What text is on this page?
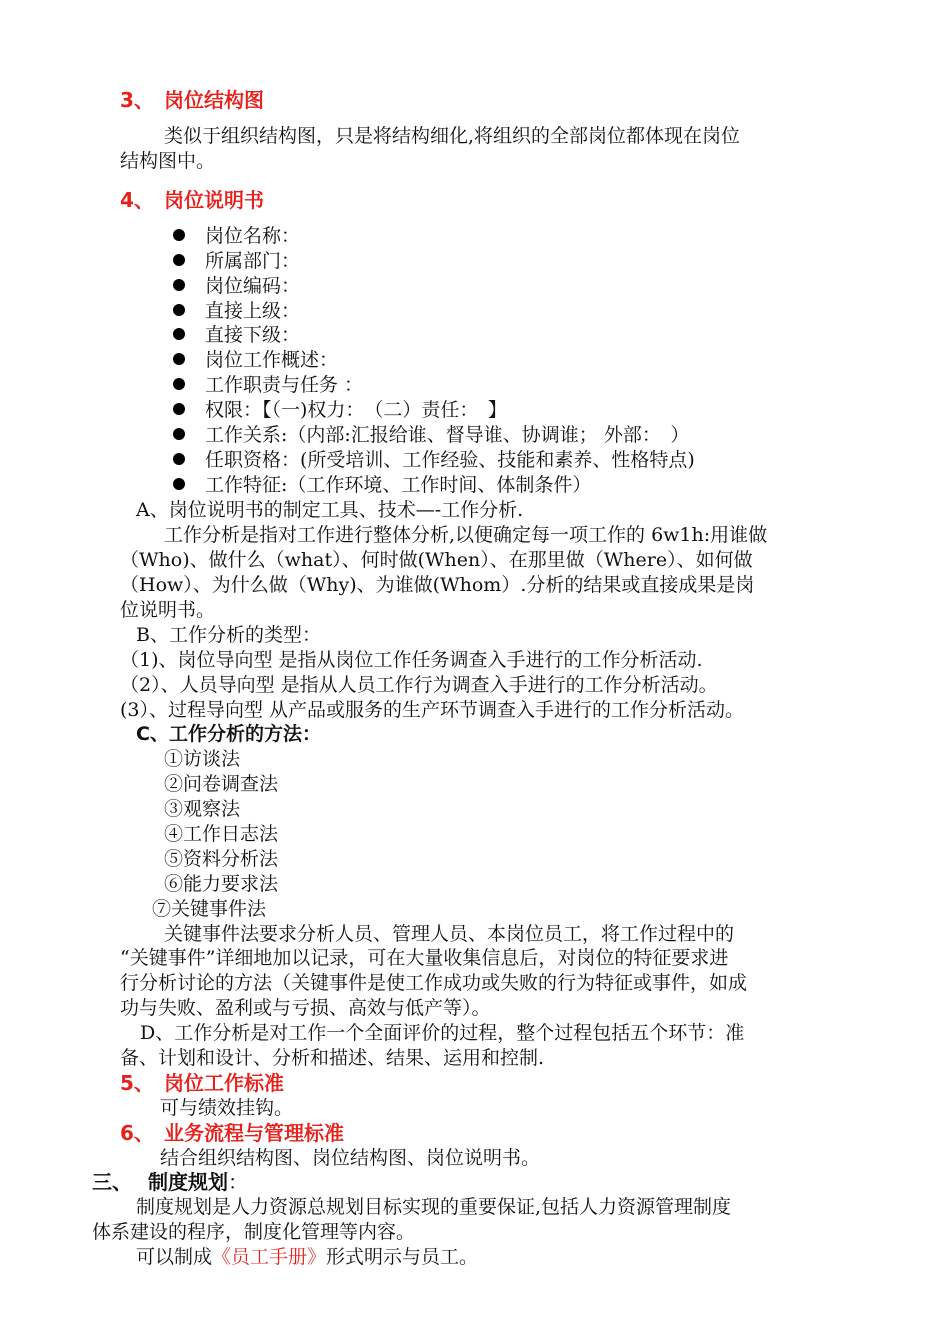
3、 岗位结构图
类似于组织结构图，只是将结构细化,将组织的全部岗位都体现在岗位
结构图中。
4、 岗位说明书
岗位名称：
所属部门：
岗位编码：
直接上级：
直接下级：
岗位工作概述：
工作职责与任务 ：
权限：【（一)权力：　（二）责任：　】
工作关系:（内部:汇报给谁、督导谁、协调谁； 外部：　）
任职资格：(所受培训、工作经验、技能和素养、性格特点)
工作特征:（工作环境、工作时间、体制条件）
A、岗位说明书的制定工具、技术—-工作分析.
工作分析是指对工作进行整体分析,以便确定每一项工作的 6w1h:用谁做
（Who)、做什么（what）、何时做(When）、在那里做（Where）、如何做
（How）、为什么做（Why)、为谁做(Whom）.分析的结果或直接成果是岗
位说明书。
B、工作分析的类型：
（1)、岗位导向型 是指从岗位工作任务调查入手进行的工作分析活动.
（2）、人员导向型 是指从人员工作行为调查入手进行的工作分析活动。
(3）、过程导向型 从产品或服务的生产环节调查入手进行的工作分析活动。
C、工作分析的方法：
①访谈法
②问卷调查法
③观察法
④工作日志法
⑤资料分析法
⑥能力要求法
⑦关键事件法
关键事件法要求分析人员、管理人员、本岗位员工，将工作过程中的
“关键事件”详细地加以记录，可在大量收集信息后，对岗位的特征要求进
行分析讨论的方法（关键事件是使工作成功或失败的行为特征或事件，如成
功与失败、盈利或与亏损、高效与低产等）。
D、工作分析是对工作一个全面评价的过程，整个过程包括五个环节：准
备、计划和设计、分析和描述、结果、运用和控制.
5、 岗位工作标准
可与绩效挂钩。
6、 业务流程与管理标准
结合组织结构图、岗位结构图、岗位说明书。
三、 制度规划：
制度规划是人力资源总规划目标实现的重要保证,包括人力资源管理制度
体系建设的程序，制度化管理等内容。
可以制成《员工手册》形式明示与员工。
